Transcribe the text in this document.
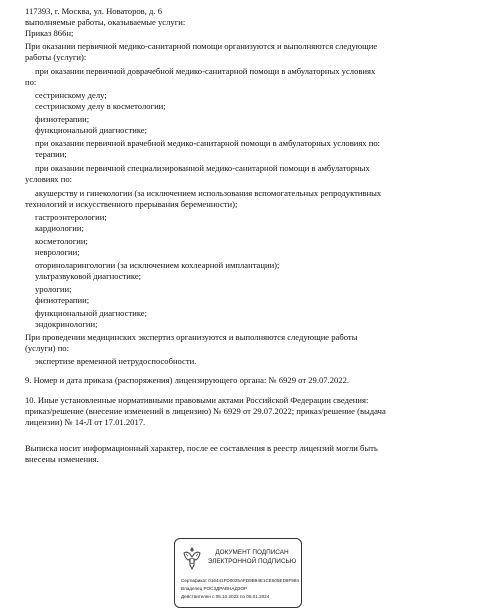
117393, г. Москва, ул. Новаторов, д. 6
выполняемые работы, оказываемые услуги:
Приказ 866н;
При оказании первичной медико-санитарной помощи организуются и выполняются следующие
работы (услуги):
при оказании первичной доврачебной медико-санитарной помощи в амбулаторных условиях
по:
сестринскому делу;
сестринскому делу в косметологии;
физиотерапии;
функциональной диагностике;
при оказании первичной врачебной медико-санитарной помощи в амбулаторных условиях по:
терапии;
при оказании первичной специализированной медико-санитарной помощи в амбулаторных
условиях по:
акушерству и гинекологии (за исключением использования вспомогательных репродуктивных
технологий и искусственного прерывания беременности);
гастроэнтерологии;
кардиологии;
косметологии;
неврологии;
оториноларингологии (за исключением кохлеарной имплантации);
ультразвуковой диагностике;
урологии;
физиотерапии;
функциональной диагностике;
эндокринологии;
При проведении медицинских экспертиз организуются и выполняются следующие работы
(услуги) по:
экспертизе временной нетрудоспособности.
9. Номер и дата приказа (распоряжения) лицензирующего органа: № 6929 от 29.07.2022.
10. Иные установленные нормативными правовыми актами Российской Федерации сведения:
приказ/решение (внесение изменений в лицензию) № 6929 от 29.07.2022; приказ/решение (выдача
лицензии) № 14-Л от 17.01.2017.
Выписка носит информационный характер, после ее составления в реестр лицензий могли быть
внесены изменения.
ДОКУМЕНТ ПОДПИСАН
ЭЛЕКТРОННОЙ ПОДПИСЬЮ
Сертификат 016441FD0025AFD9B94E1CE505ED8F984
Владелец РОСЗДРАВНАДЗОР
Действителен с 05.10.2022 по 05.01.2024
